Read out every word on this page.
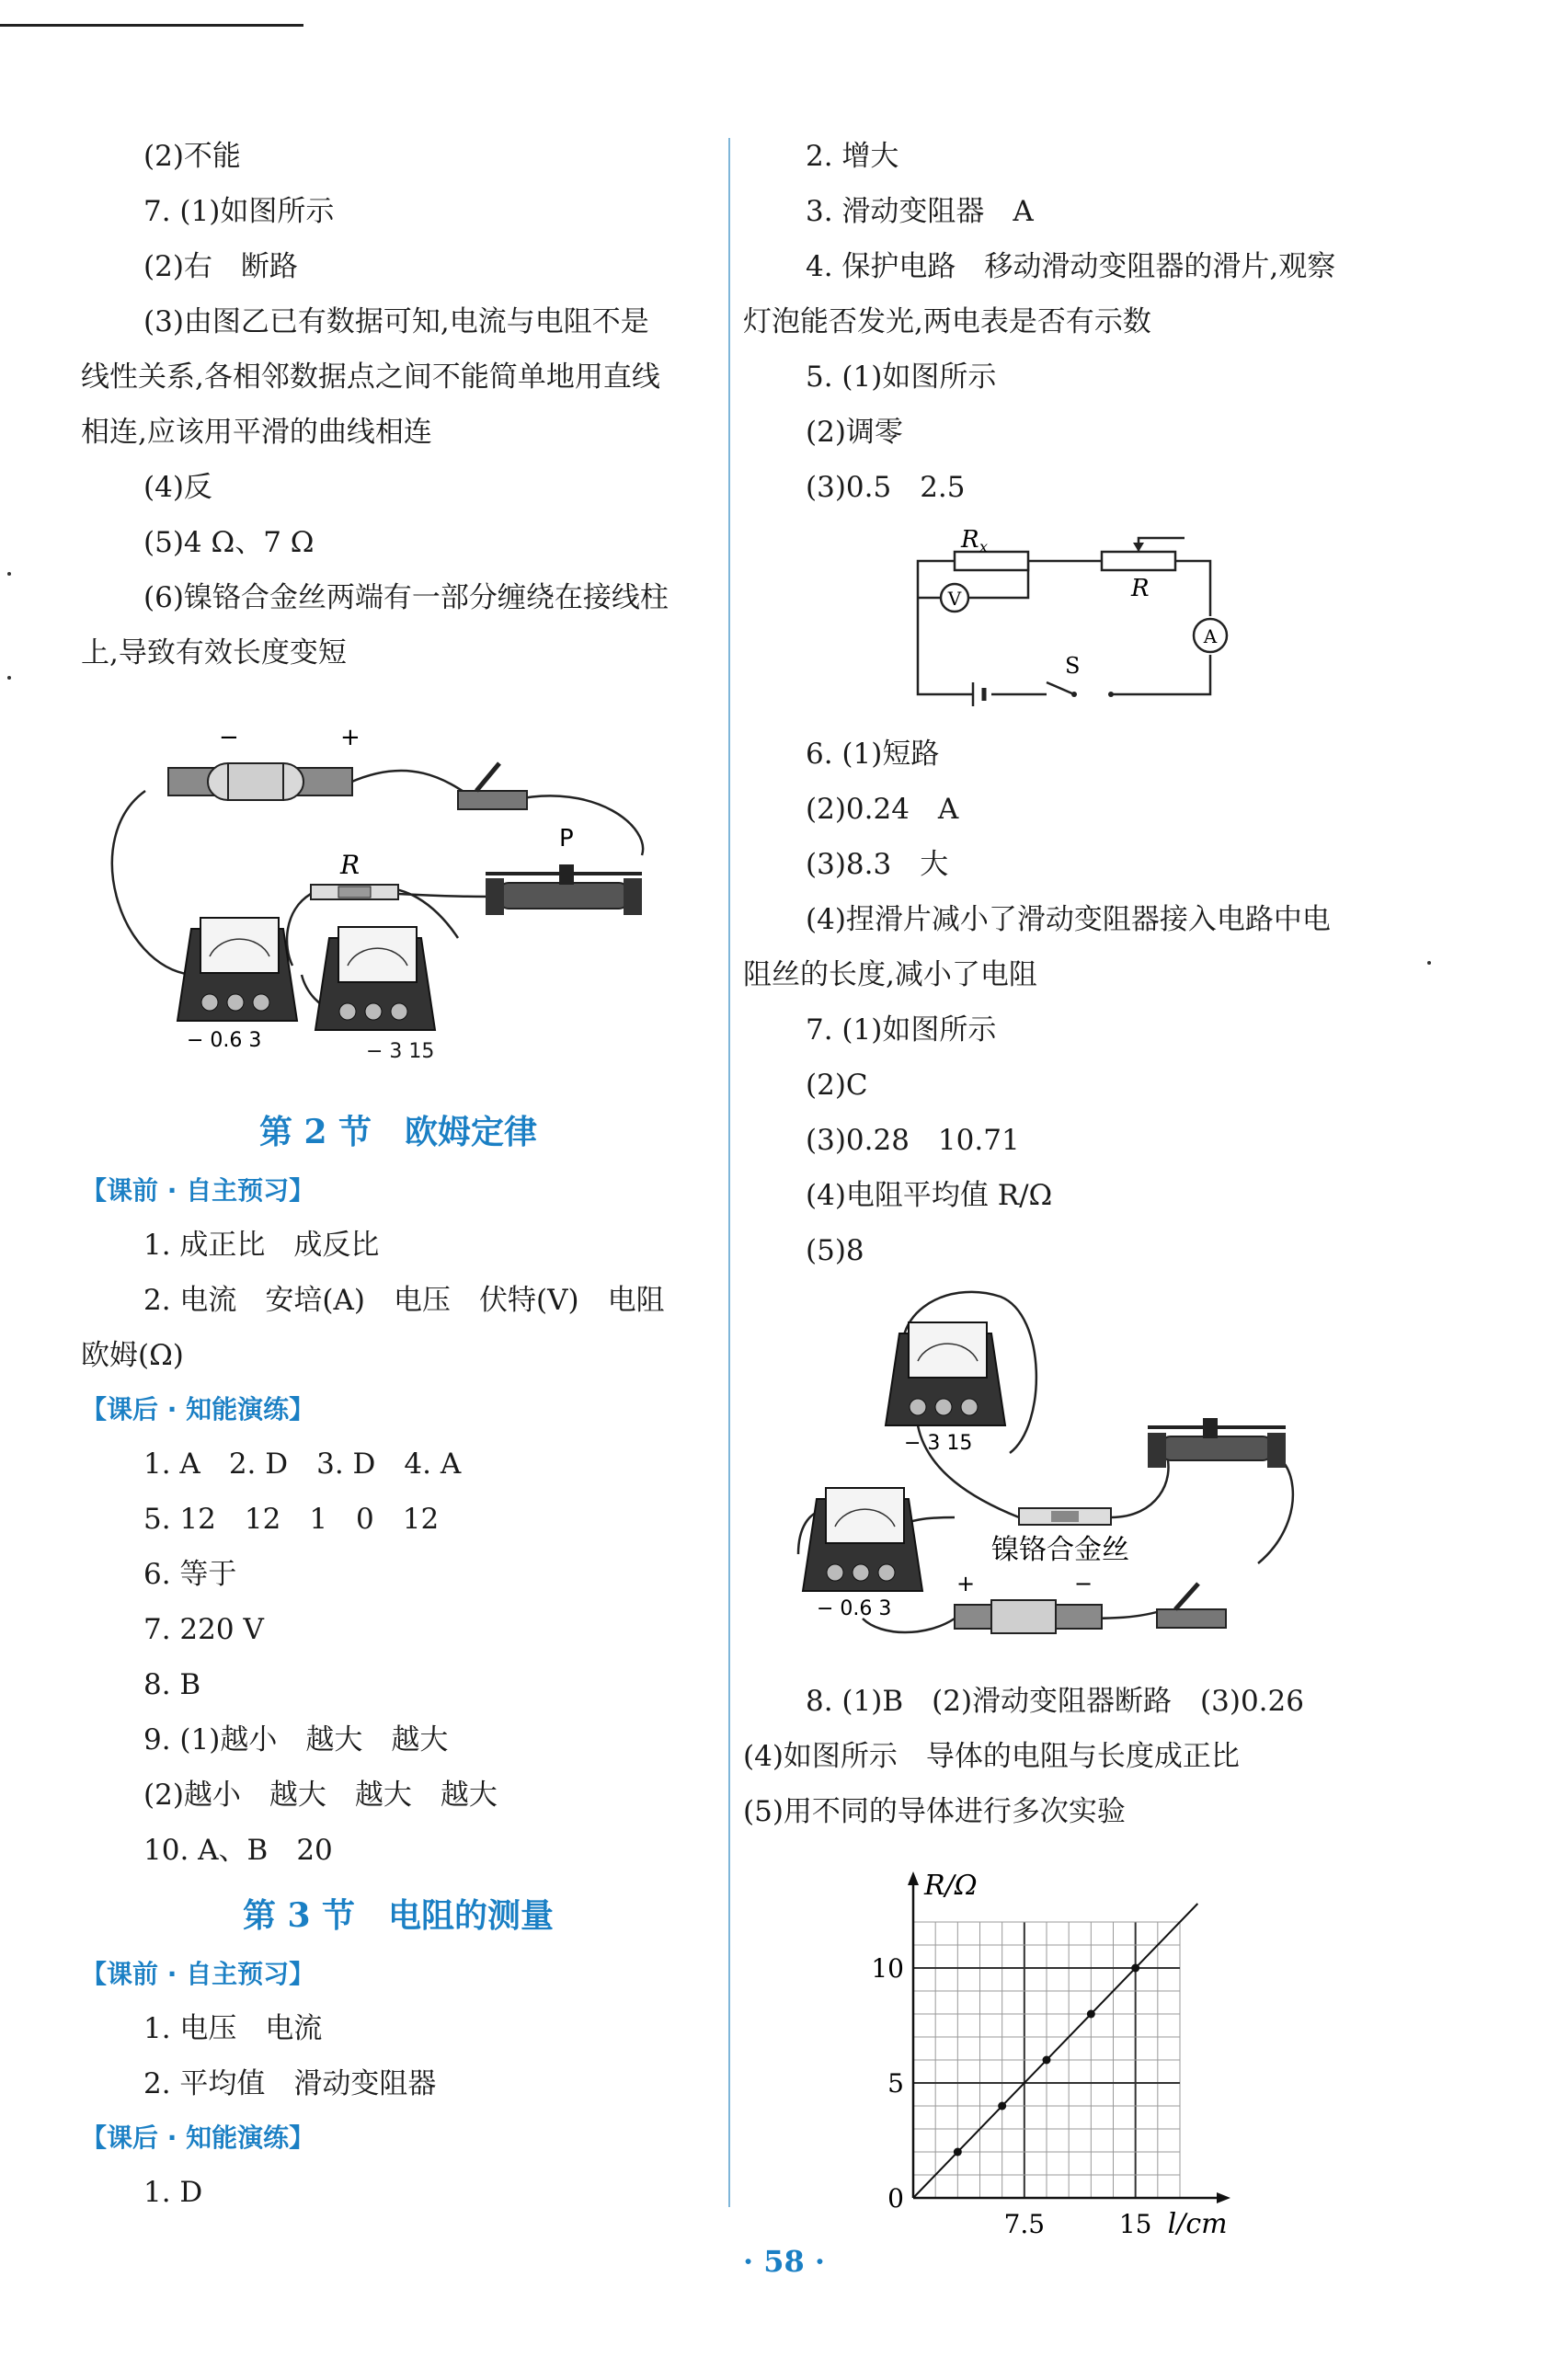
(2)不能
7. (1)如图所示
(2)右　断路
(3)由图乙已有数据可知,电流与电阻不是
线性关系,各相邻数据点之间不能简单地用直线
相连,应该用平滑的曲线相连
(4)反
(5)4 Ω、7 Ω
(6)镍铬合金丝两端有一部分缠绕在接线柱
上,导致有效长度变短
−	+
R
P
− 0.6 3	− 3 15
第 2 节　欧姆定律
【课前 · 自主预习】
1. 成正比　成反比
2. 电流　安培(A)　电压　伏特(V)　电阻
欧姆(Ω)
【课后 · 知能演练】
1. A　2. D　3. D　4. A
5. 12　12　1　0　12
6. 等于
7. 220 V
8. B
9. (1)越小　越大　越大
(2)越小　越大　越大　越大
10. A、B　20
第 3 节　电阻的测量
【课前 · 自主预习】
1. 电压　电流
2. 平均值　滑动变阻器
【课后 · 知能演练】
1. D
2. 增大
3. 滑动变阻器　A
4. 保护电路　移动滑动变阻器的滑片,观察
灯泡能否发光,两电表是否有示数
5. (1)如图所示
(2)调零
(3)0.5　2.5
V
A
R x
R
S
6. (1)短路
(2)0.24　A
(3)8.3　大
(4)捏滑片减小了滑动变阻器接入电路中电
阻丝的长度,减小了电阻
7. (1)如图所示
(2)C
(3)0.28　10.71
(4)电阻平均值 R/Ω
(5)8
− 3 15
− 0.6 3
镍铬合金丝
+	−
8. (1)B　(2)滑动变阻器断路　(3)0.26
(4)如图所示　导体的电阻与长度成正比
(5)用不同的导体进行多次实验
0
5
10
7.5	15
R/Ω
l/cm
· 58 ·
